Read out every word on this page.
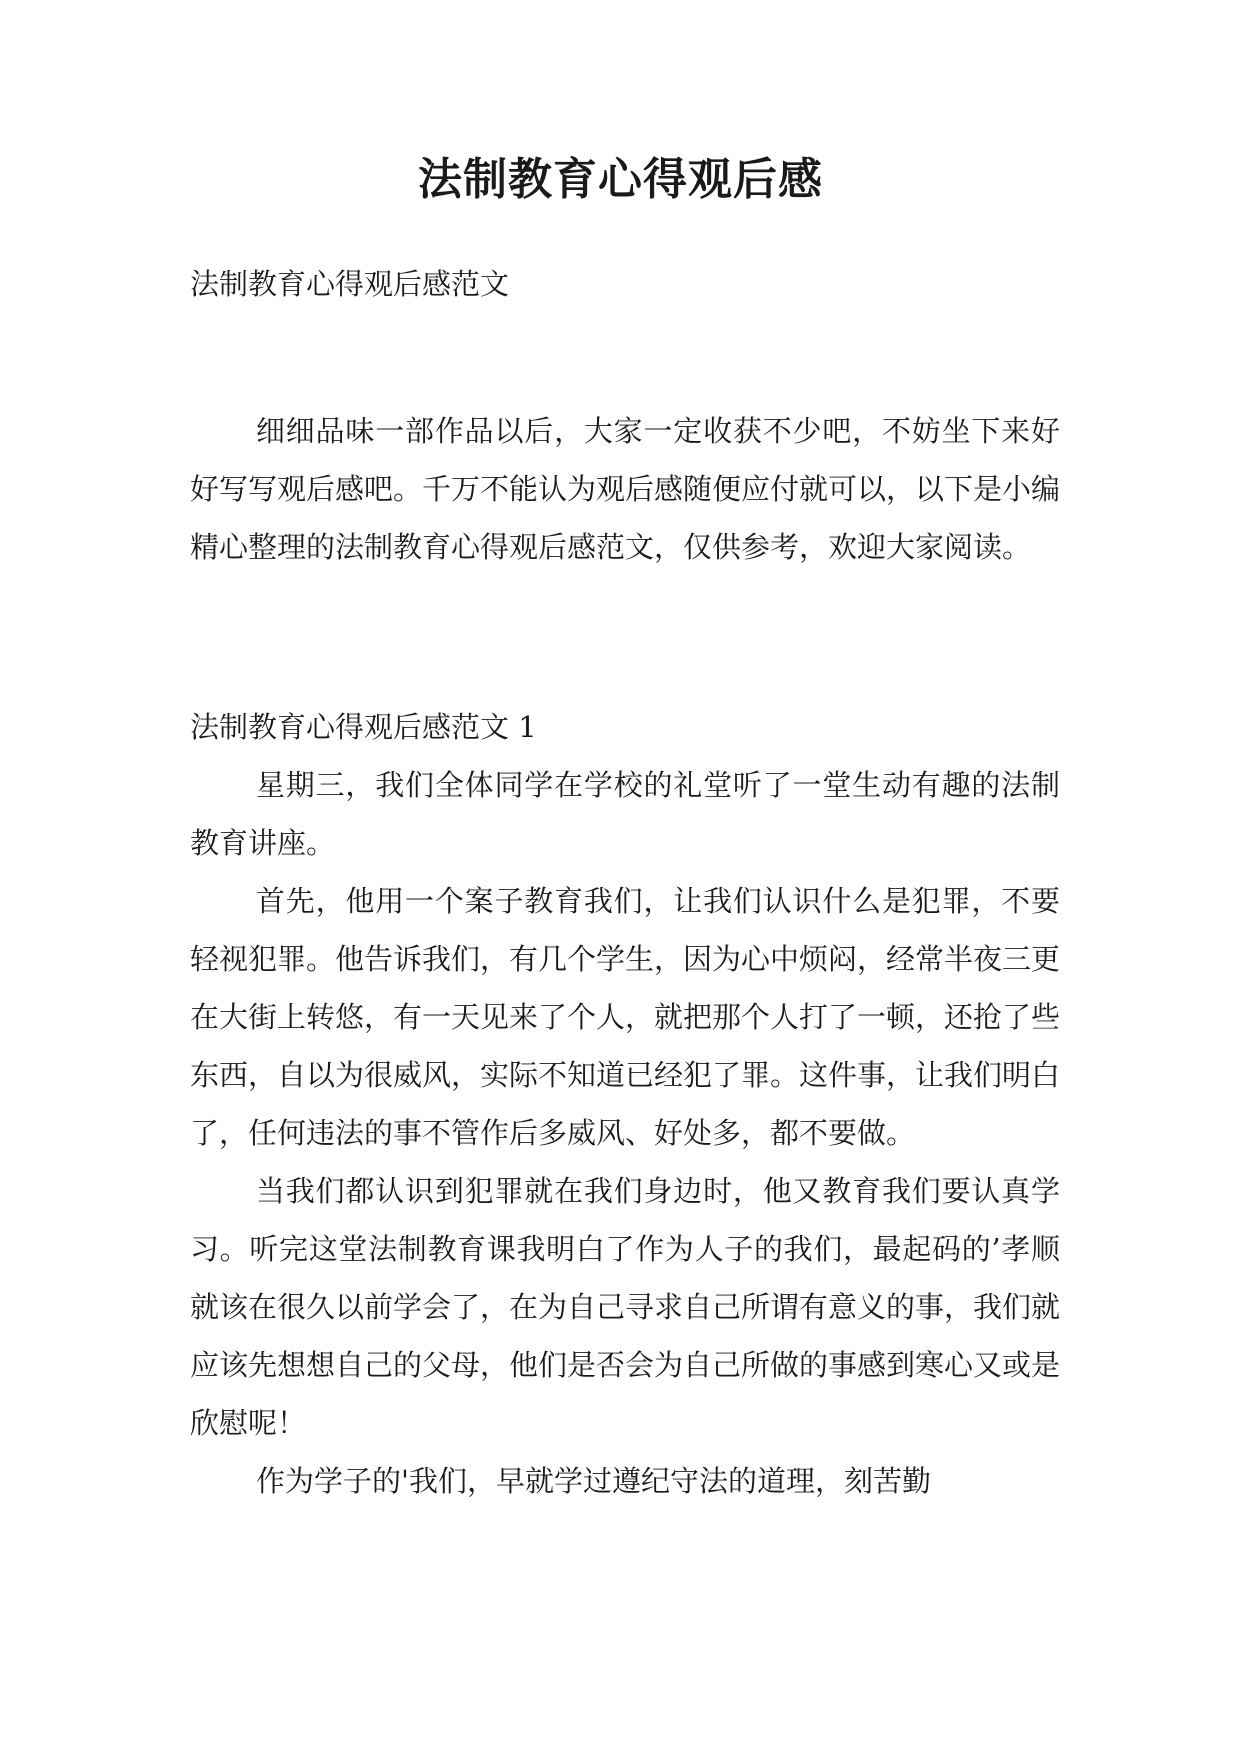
法制教育心得观后感
法制教育心得观后感范文

细细品味一部作品以后，大家一定收获不少吧，不妨坐下来好好写写观后感吧。千万不能认为观后感随便应付就可以，以下是小编精心整理的法制教育心得观后感范文，仅供参考，欢迎大家阅读。

法制教育心得观后感范文 1

星期三，我们全体同学在学校的礼堂听了一堂生动有趣的法制教育讲座。

首先，他用一个案子教育我们，让我们认识什么是犯罪，不要轻视犯罪。他告诉我们，有几个学生，因为心中烦闷，经常半夜三更在大街上转悠，有一天见来了个人，就把那个人打了一顿，还抢了些东西，自以为很威风，实际不知道已经犯了罪。这件事，让我们明白了，任何违法的事不管作后多威风、好处多，都不要做。

当我们都认识到犯罪就在我们身边时，他又教育我们要认真学习。听完这堂法制教育课我明白了作为人子的我们，最起码的’孝顺就该在很久以前学会了，在为自己寻求自己所谓有意义的事，我们就应该先想想自己的父母，他们是否会为自己所做的事感到寒心又或是欣慰呢！

作为学子的'我们，早就学过遵纪守法的道理，刻苦勤
